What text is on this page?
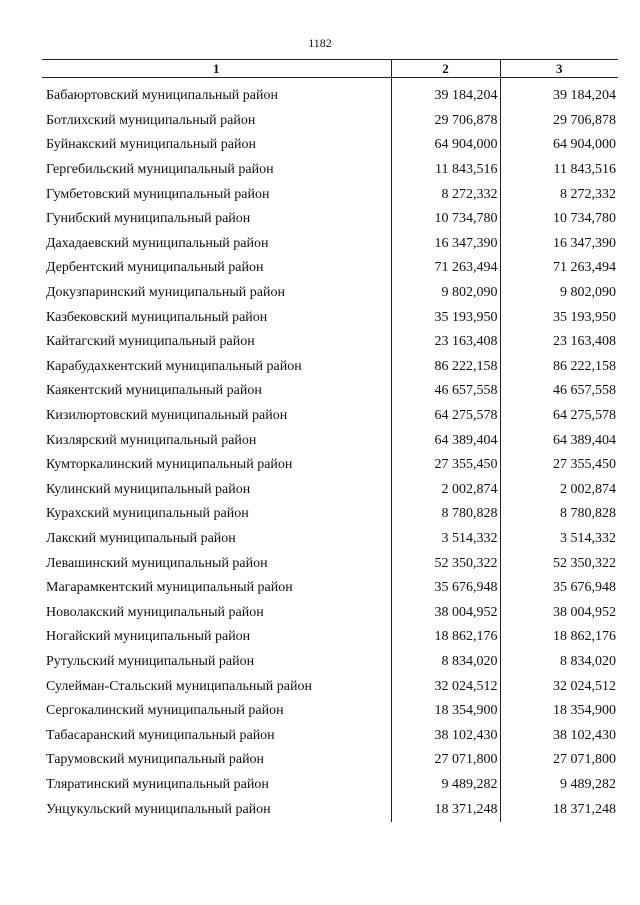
1182
1	2	3
Бабаюртовский муниципальный район	39 184,204	39 184,204
Ботлихский муниципальный район	29 706,878	29 706,878
Буйнакский муниципальный район	64 904,000	64 904,000
Гергебильский муниципальный район	11 843,516	11 843,516
Гумбетовский муниципальный район	8 272,332	8 272,332
Гунибский муниципальный район	10 734,780	10 734,780
Дахадаевский муниципальный район	16 347,390	16 347,390
Дербентский муниципальный район	71 263,494	71 263,494
Докузпаринский муниципальный район	9 802,090	9 802,090
Казбековский муниципальный район	35 193,950	35 193,950
Кайтагский муниципальный район	23 163,408	23 163,408
Карабудахкентский муниципальный район	86 222,158	86 222,158
Каякентский муниципальный район	46 657,558	46 657,558
Кизилюртовский муниципальный район	64 275,578	64 275,578
Кизлярский муниципальный район	64 389,404	64 389,404
Кумторкалинский муниципальный район	27 355,450	27 355,450
Кулинский муниципальный район	2 002,874	2 002,874
Курахский муниципальный район	8 780,828	8 780,828
Лакский муниципальный район	3 514,332	3 514,332
Левашинский муниципальный район	52 350,322	52 350,322
Магарамкентский муниципальный район	35 676,948	35 676,948
Новолакский муниципальный район	38 004,952	38 004,952
Ногайский муниципальный район	18 862,176	18 862,176
Рутульский муниципальный район	8 834,020	8 834,020
Сулейман-Стальский муниципальный район	32 024,512	32 024,512
Сергокалинский муниципальный район	18 354,900	18 354,900
Табасаранский муниципальный район	38 102,430	38 102,430
Тарумовский муниципальный район	27 071,800	27 071,800
Тляратинский муниципальный район	9 489,282	9 489,282
Унцукульский муниципальный район	18 371,248	18 371,248
